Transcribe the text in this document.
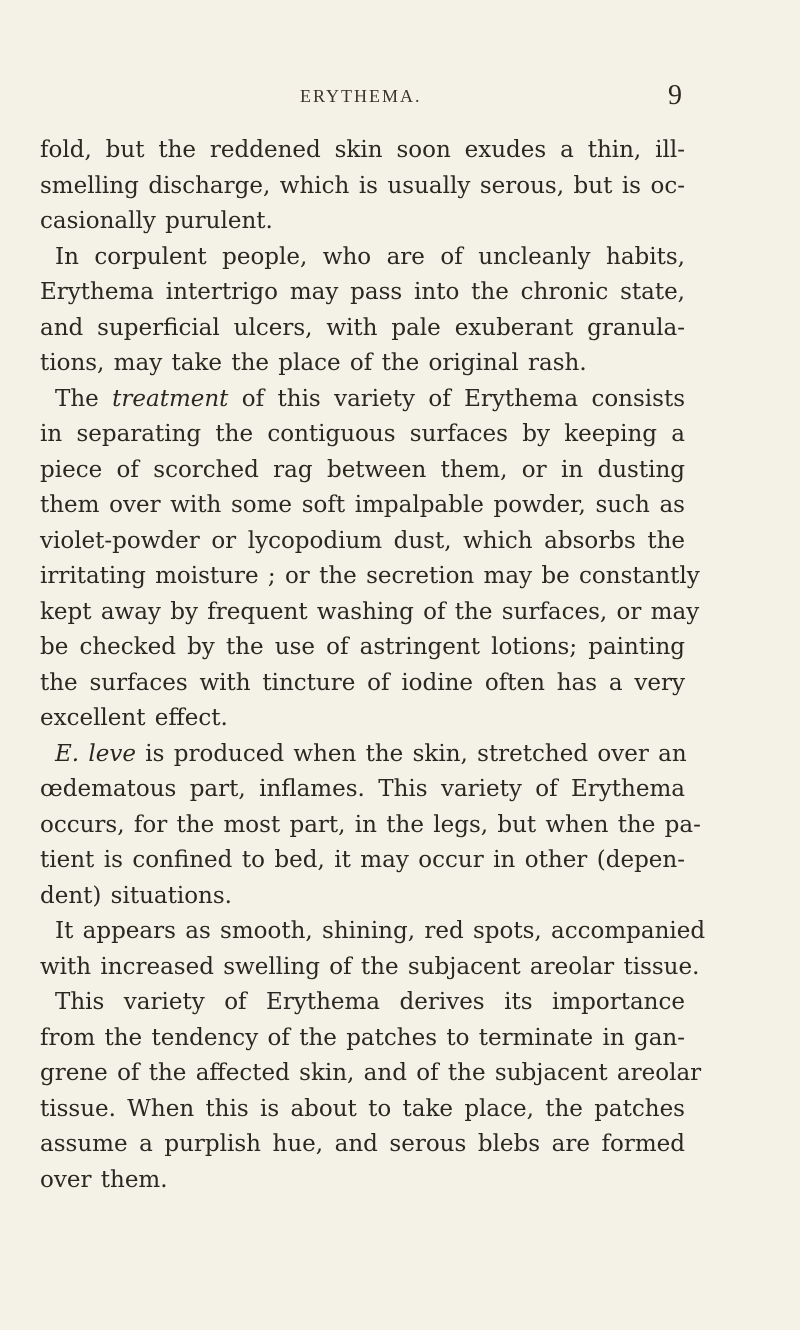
ERYTHEMA.	9
fold, but the reddened skin soon exudes a thin, ill-
smelling discharge, which is usually serous, but is oc-
casionally purulent.
In corpulent people, who are of uncleanly habits,
Erythema intertrigo may pass into the chronic state,
and superficial ulcers, with pale exuberant granula-
tions, may take the place of the original rash.
The treatment of this variety of Erythema consists
in separating the contiguous surfaces by keeping a
piece of scorched rag between them, or in dusting
them over with some soft impalpable powder, such as
violet-powder or lycopodium dust, which absorbs the
irritating moisture ; or the secretion may be constantly
kept away by frequent washing of the surfaces, or may
be checked by the use of astringent lotions; painting
the surfaces with tincture of iodine often has a very
excellent effect.
E. leve is produced when the skin, stretched over an
œdematous part, inflames. This variety of Erythema
occurs, for the most part, in the legs, but when the pa-
tient is confined to bed, it may occur in other (depen-
dent) situations.
It appears as smooth, shining, red spots, accompanied
with increased swelling of the subjacent areolar tissue.
This variety of Erythema derives its importance
from the tendency of the patches to terminate in gan-
grene of the affected skin, and of the subjacent areolar
tissue. When this is about to take place, the patches
assume a purplish hue, and serous blebs are formed
over them.
